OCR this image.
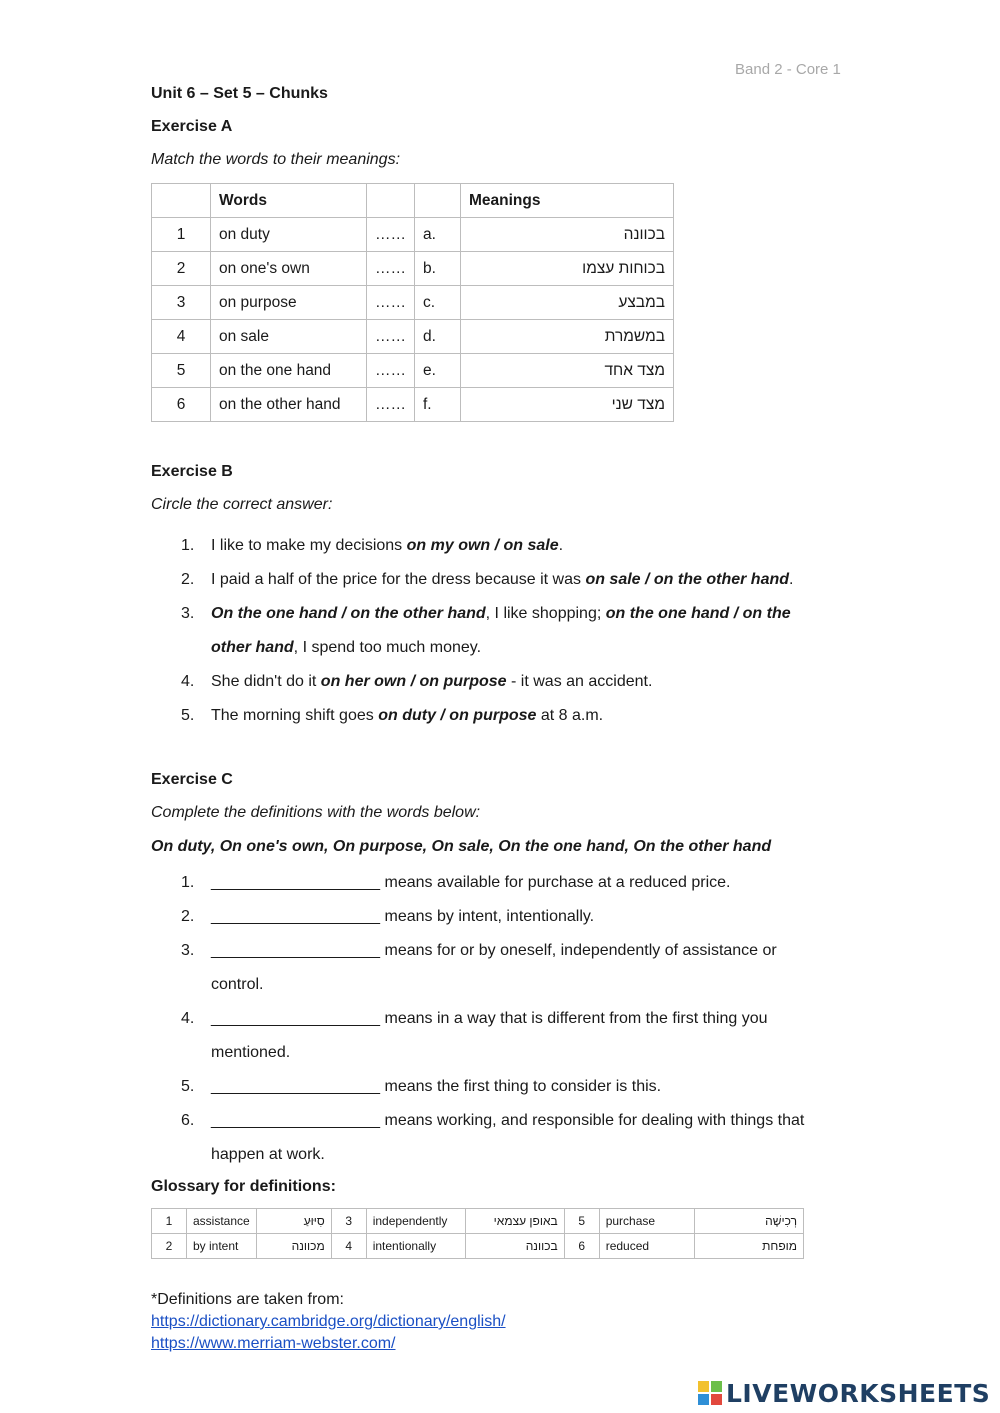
Band 2 - Core 1
Unit 6 – Set 5 – Chunks
Exercise A
Match the words to their meanings:
	Words			Meanings
1	on duty	……	a.	בכוונה
2	on one's own	……	b.	בכוחות עצמו
3	on purpose	……	c.	במבצע
4	on sale	……	d.	במשמרת
5	on the one hand	……	e.	מצד אחד
6	on the other hand	……	f.	מצד שני
Exercise B
Circle the correct answer:
1. I like to make my decisions on my own / on sale.
2. I paid a half of the price for the dress because it was on sale / on the other hand.
3. On the one hand / on the other hand, I like shopping; on the one hand / on the
other hand, I spend too much money.
4. She didn't do it on her own / on purpose - it was an accident.
5. The morning shift goes on duty / on purpose at 8 a.m.
Exercise C
Complete the definitions with the words below:
On duty, On one's own, On purpose, On sale, On the one hand, On the other hand
1. ___________________ means available for purchase at a reduced price.
2. ___________________ means by intent, intentionally.
3. ___________________ means for or by oneself, independently of assistance or
control.
4. ___________________ means in a way that is different from the first thing you
mentioned.
5. ___________________ means the first thing to consider is this.
6. ___________________ means working, and responsible for dealing with things that
happen at work.
Glossary for definitions:
1	assistance	סִיּוּעַ	3	independently	באופן עצמאי	5	purchase	רְכִישָׁה
2	by intent	מכוונה	4	intentionally	בכוונה	6	reduced	מופחת
*Definitions are taken from:
https://dictionary.cambridge.org/dictionary/english/
https://www.merriam-webster.com/
LIVEWORKSHEETS
